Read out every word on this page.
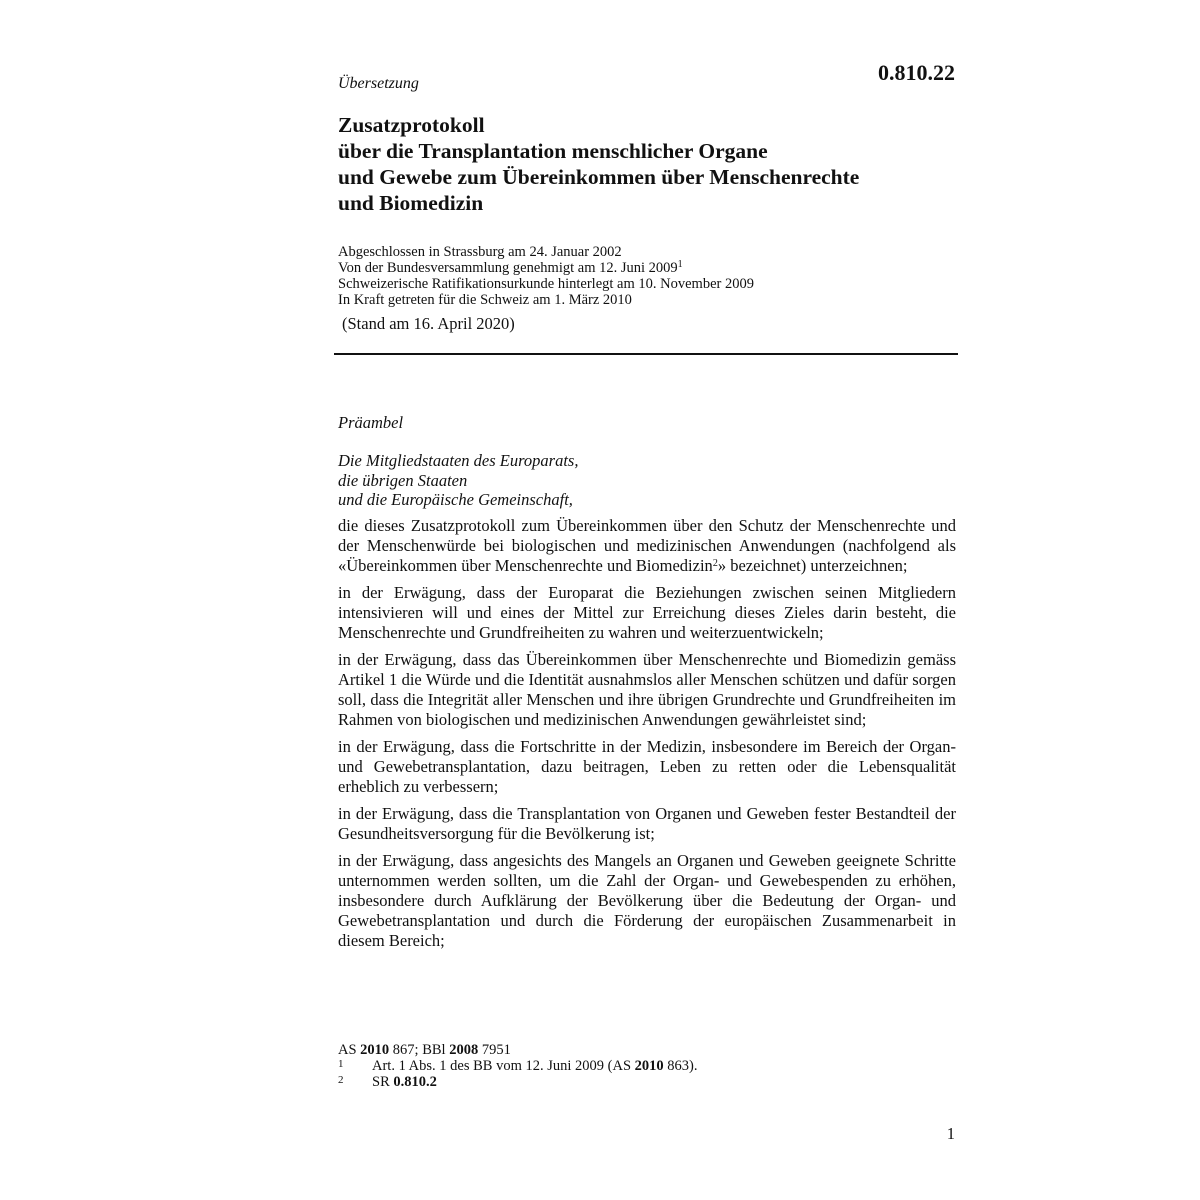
Übersetzung	0.810.22
Zusatzprotokoll
über die Transplantation menschlicher Organe
und Gewebe zum Übereinkommen über Menschenrechte
und Biomedizin
Abgeschlossen in Strassburg am 24. Januar 2002
Von der Bundesversammlung genehmigt am 12. Juni 2009$^1$
Schweizerische Ratifikationsurkunde hinterlegt am 10. November 2009
In Kraft getreten für die Schweiz am 1. März 2010
(Stand am 16. April 2020)
Präambel
Die Mitgliedstaaten des Europarats,
die übrigen Staaten
und die Europäische Gemeinschaft,

die dieses Zusatzprotokoll zum Übereinkommen über den Schutz der Menschenrechte und der Menschenwürde bei biologischen und medizinischen Anwendungen (nachfolgend als «Übereinkommen über Menschenrechte und Biomedizin$^2$» bezeichnet) unterzeichnen;

in der Erwägung, dass der Europarat die Beziehungen zwischen seinen Mitgliedern intensivieren will und eines der Mittel zur Erreichung dieses Zieles darin besteht, die Menschenrechte und Grundfreiheiten zu wahren und weiterzuentwickeln;

in der Erwägung, dass das Übereinkommen über Menschenrechte und Biomedizin gemäss Artikel 1 die Würde und die Identität ausnahmslos aller Menschen schützen und dafür sorgen soll, dass die Integrität aller Menschen und ihre übrigen Grundrechte und Grundfreiheiten im Rahmen von biologischen und medizinischen Anwendungen gewährleistet sind;

in der Erwägung, dass die Fortschritte in der Medizin, insbesondere im Bereich der Organ- und Gewebetransplantation, dazu beitragen, Leben zu retten oder die Lebensqualität erheblich zu verbessern;

in der Erwägung, dass die Transplantation von Organen und Geweben fester Bestandteil der Gesundheitsversorgung für die Bevölkerung ist;

in der Erwägung, dass angesichts des Mangels an Organen und Geweben geeignete Schritte unternommen werden sollten, um die Zahl der Organ- und Gewebespenden zu erhöhen, insbesondere durch Aufklärung der Bevölkerung über die Bedeutung der Organ- und Gewebetransplantation und durch die Förderung der europäischen Zusammenarbeit in diesem Bereich;

AS 2010 867; BBl 2008 7951
1	Art. 1 Abs. 1 des BB vom 12. Juni 2009 (AS 2010 863).
2	SR 0.810.2
1
